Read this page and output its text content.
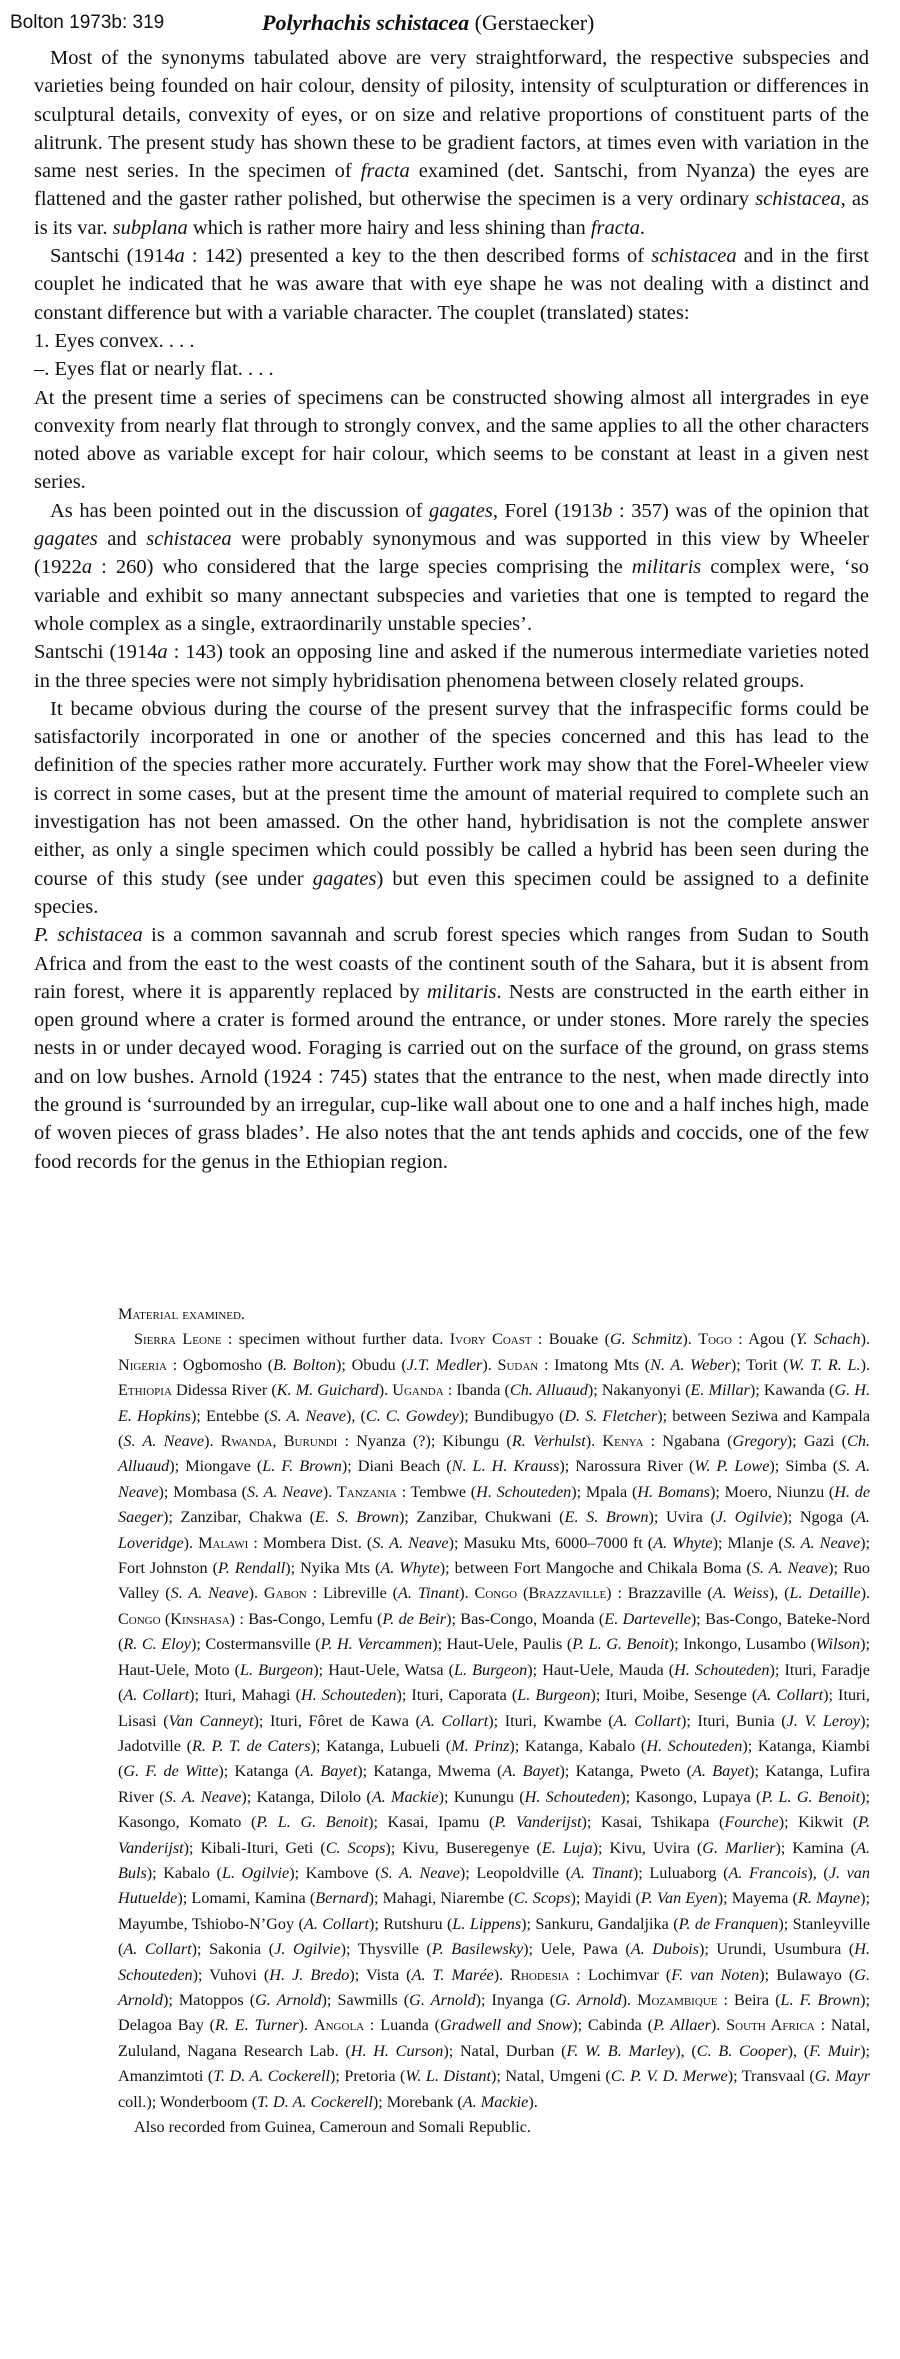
Bolton 1973b: 319	Polyrhachis schistacea (Gerstaecker)

Most of the synonyms tabulated above are very straightforward, the respective subspecies and varieties being founded on hair colour, density of pilosity, intensity of sculpturation or differences in sculptural details, convexity of eyes, or on size and relative proportions of constituent parts of the alitrunk. The present study has shown these to be gradient factors, at times even with variation in the same nest series. In the specimen of fracta examined (det. Santschi, from Nyanza) the eyes are flattened and the gaster rather polished, but otherwise the specimen is a very ordinary schistacea, as is its var. subplana which is rather more hairy and less shining than fracta.

Santschi (1914a : 142) presented a key to the then described forms of schistacea and in the first couplet he indicated that he was aware that with eye shape he was not dealing with a distinct and constant difference but with a variable character. The couplet (translated) states:

1. Eyes convex. . . .
–. Eyes flat or nearly flat. . . .

At the present time a series of specimens can be constructed showing almost all intergrades in eye convexity from nearly flat through to strongly convex, and the same applies to all the other characters noted above as variable except for hair colour, which seems to be constant at least in a given nest series.

As has been pointed out in the discussion of gagates, Forel (1913b : 357) was of the opinion that gagates and schistacea were probably synonymous and was supported in this view by Wheeler (1922a : 260) who considered that the large species comprising the militaris complex were, ‘so variable and exhibit so many annectant subspecies and varieties that one is tempted to regard the whole complex as a single, extraordinarily unstable species’.

Santschi (1914a : 143) took an opposing line and asked if the numerous intermediate varieties noted in the three species were not simply hybridisation phenomena between closely related groups.

It became obvious during the course of the present survey that the infraspecific forms could be satisfactorily incorporated in one or another of the species concerned and this has lead to the definition of the species rather more accurately. Further work may show that the Forel-Wheeler view is correct in some cases, but at the present time the amount of material required to complete such an investigation has not been amassed. On the other hand, hybridisation is not the complete answer either, as only a single specimen which could possibly be called a hybrid has been seen during the course of this study (see under gagates) but even this specimen could be assigned to a definite species.

P. schistacea is a common savannah and scrub forest species which ranges from Sudan to South Africa and from the east to the west coasts of the continent south of the Sahara, but it is absent from rain forest, where it is apparently replaced by militaris. Nests are constructed in the earth either in open ground where a crater is formed around the entrance, or under stones. More rarely the species nests in or under decayed wood. Foraging is carried out on the surface of the ground, on grass stems and on low bushes. Arnold (1924 : 745) states that the entrance to the nest, when made directly into the ground is ‘surrounded by an irregular, cup-like wall about one to one and a half inches high, made of woven pieces of grass blades’. He also notes that the ant tends aphids and coccids, one of the few food records for the genus in the Ethiopian region.

Material examined.

Sierra Leone : specimen without further data. Ivory Coast : Bouake (G. Schmitz). Togo : Agou (Y. Schach). Nigeria : Ogbomosho (B. Bolton); Obudu (J.T. Medler). Sudan : Imatong Mts (N. A. Weber); Torit (W. T. R. L.). Ethiopia Didessa River (K. M. Guichard). Uganda : Ibanda (Ch. Alluaud); Nakanyonyi (E. Millar); Kawanda (G. H. E. Hopkins); Entebbe (S. A. Neave), (C. C. Gowdey); Bundibugyo (D. S. Fletcher); between Seziwa and Kampala (S. A. Neave). Rwanda, Burundi : Nyanza (?); Kibungu (R. Verhulst). Kenya : Ngabana (Gregory); Gazi (Ch. Alluaud); Miongave (L. F. Brown); Diani Beach (N. L. H. Krauss); Narossura River (W. P. Lowe); Simba (S. A. Neave); Mombasa (S. A. Neave). Tanzania : Tembwe (H. Schouteden); Mpala (H. Bomans); Moero, Niunzu (H. de Saeger); Zanzibar, Chakwa (E. S. Brown); Zanzibar, Chukwani (E. S. Brown); Uvira (J. Ogilvie); Ngoga (A. Loveridge). Malawi : Mombera Dist. (S. A. Neave); Masuku Mts, 6000–7000 ft (A. Whyte); Mlanje (S. A. Neave); Fort Johnston (P. Rendall); Nyika Mts (A. Whyte); between Fort Mangoche and Chikala Boma (S. A. Neave); Ruo Valley (S. A. Neave). Gabon : Libreville (A. Tinant). Congo (Brazzaville) : Brazzaville (A. Weiss), (L. Detaille). Congo (Kinshasa) : Bas-Congo, Lemfu (P. de Beir); Bas-Congo, Moanda (E. Dartevelle); Bas-Congo, Bateke-Nord (R. C. Eloy); Costermansville (P. H. Vercammen); Haut-Uele, Paulis (P. L. G. Benoit); Inkongo, Lusambo (Wilson); Haut-Uele, Moto (L. Burgeon); Haut-Uele, Watsa (L. Burgeon); Haut-Uele, Mauda (H. Schouteden); Ituri, Faradje (A. Collart); Ituri, Mahagi (H. Schouteden); Ituri, Caporata (L. Burgeon); Ituri, Moibe, Sesenge (A. Collart); Ituri, Lisasi (Van Canneyt); Ituri, Fôret de Kawa (A. Collart); Ituri, Kwambe (A. Collart); Ituri, Bunia (J. V. Leroy); Jadotville (R. P. T. de Caters); Katanga, Lubueli (M. Prinz); Katanga, Kabalo (H. Schouteden); Katanga, Kiambi (G. F. de Witte); Katanga (A. Bayet); Katanga, Mwema (A. Bayet); Katanga, Pweto (A. Bayet); Katanga, Lufira River (S. A. Neave); Katanga, Dilolo (A. Mackie); Kunungu (H. Schouteden); Kasongo, Lupaya (P. L. G. Benoit); Kasongo, Komato (P. L. G. Benoit); Kasai, Ipamu (P. Vanderijst); Kasai, Tshikapa (Fourche); Kikwit (P. Vanderijst); Kibali-Ituri, Geti (C. Scops); Kivu, Buseregenye (E. Luja); Kivu, Uvira (G. Marlier); Kamina (A. Buls); Kabalo (L. Ogilvie); Kambove (S. A. Neave); Leopoldville (A. Tinant); Luluaborg (A. Francois), (J. van Hutuelde); Lomami, Kamina (Bernard); Mahagi, Niarembe (C. Scops); Mayidi (P. Van Eyen); Mayema (R. Mayne); Mayumbe, Tshiobo-N’Goy (A. Collart); Rutshuru (L. Lippens); Sankuru, Gandaljika (P. de Franquen); Stanleyville (A. Collart); Sakonia (J. Ogilvie); Thysville (P. Basilewsky); Uele, Pawa (A. Dubois); Urundi, Usumbura (H. Schouteden); Vuhovi (H. J. Bredo); Vista (A. T. Marée). Rhodesia : Lochimvar (F. van Noten); Bulawayo (G. Arnold); Matoppos (G. Arnold); Sawmills (G. Arnold); Inyanga (G. Arnold). Mozambique : Beira (L. F. Brown); Delagoa Bay (R. E. Turner). Angola : Luanda (Gradwell and Snow); Cabinda (P. Allaer). South Africa : Natal, Zululand, Nagana Research Lab. (H. H. Curson); Natal, Durban (F. W. B. Marley), (C. B. Cooper), (F. Muir); Amanzimtoti (T. D. A. Cockerell); Pretoria (W. L. Distant); Natal, Umgeni (C. P. V. D. Merwe); Transvaal (G. Mayr coll.); Wonderboom (T. D. A. Cockerell); Morebank (A. Mackie).

Also recorded from Guinea, Cameroun and Somali Republic.
